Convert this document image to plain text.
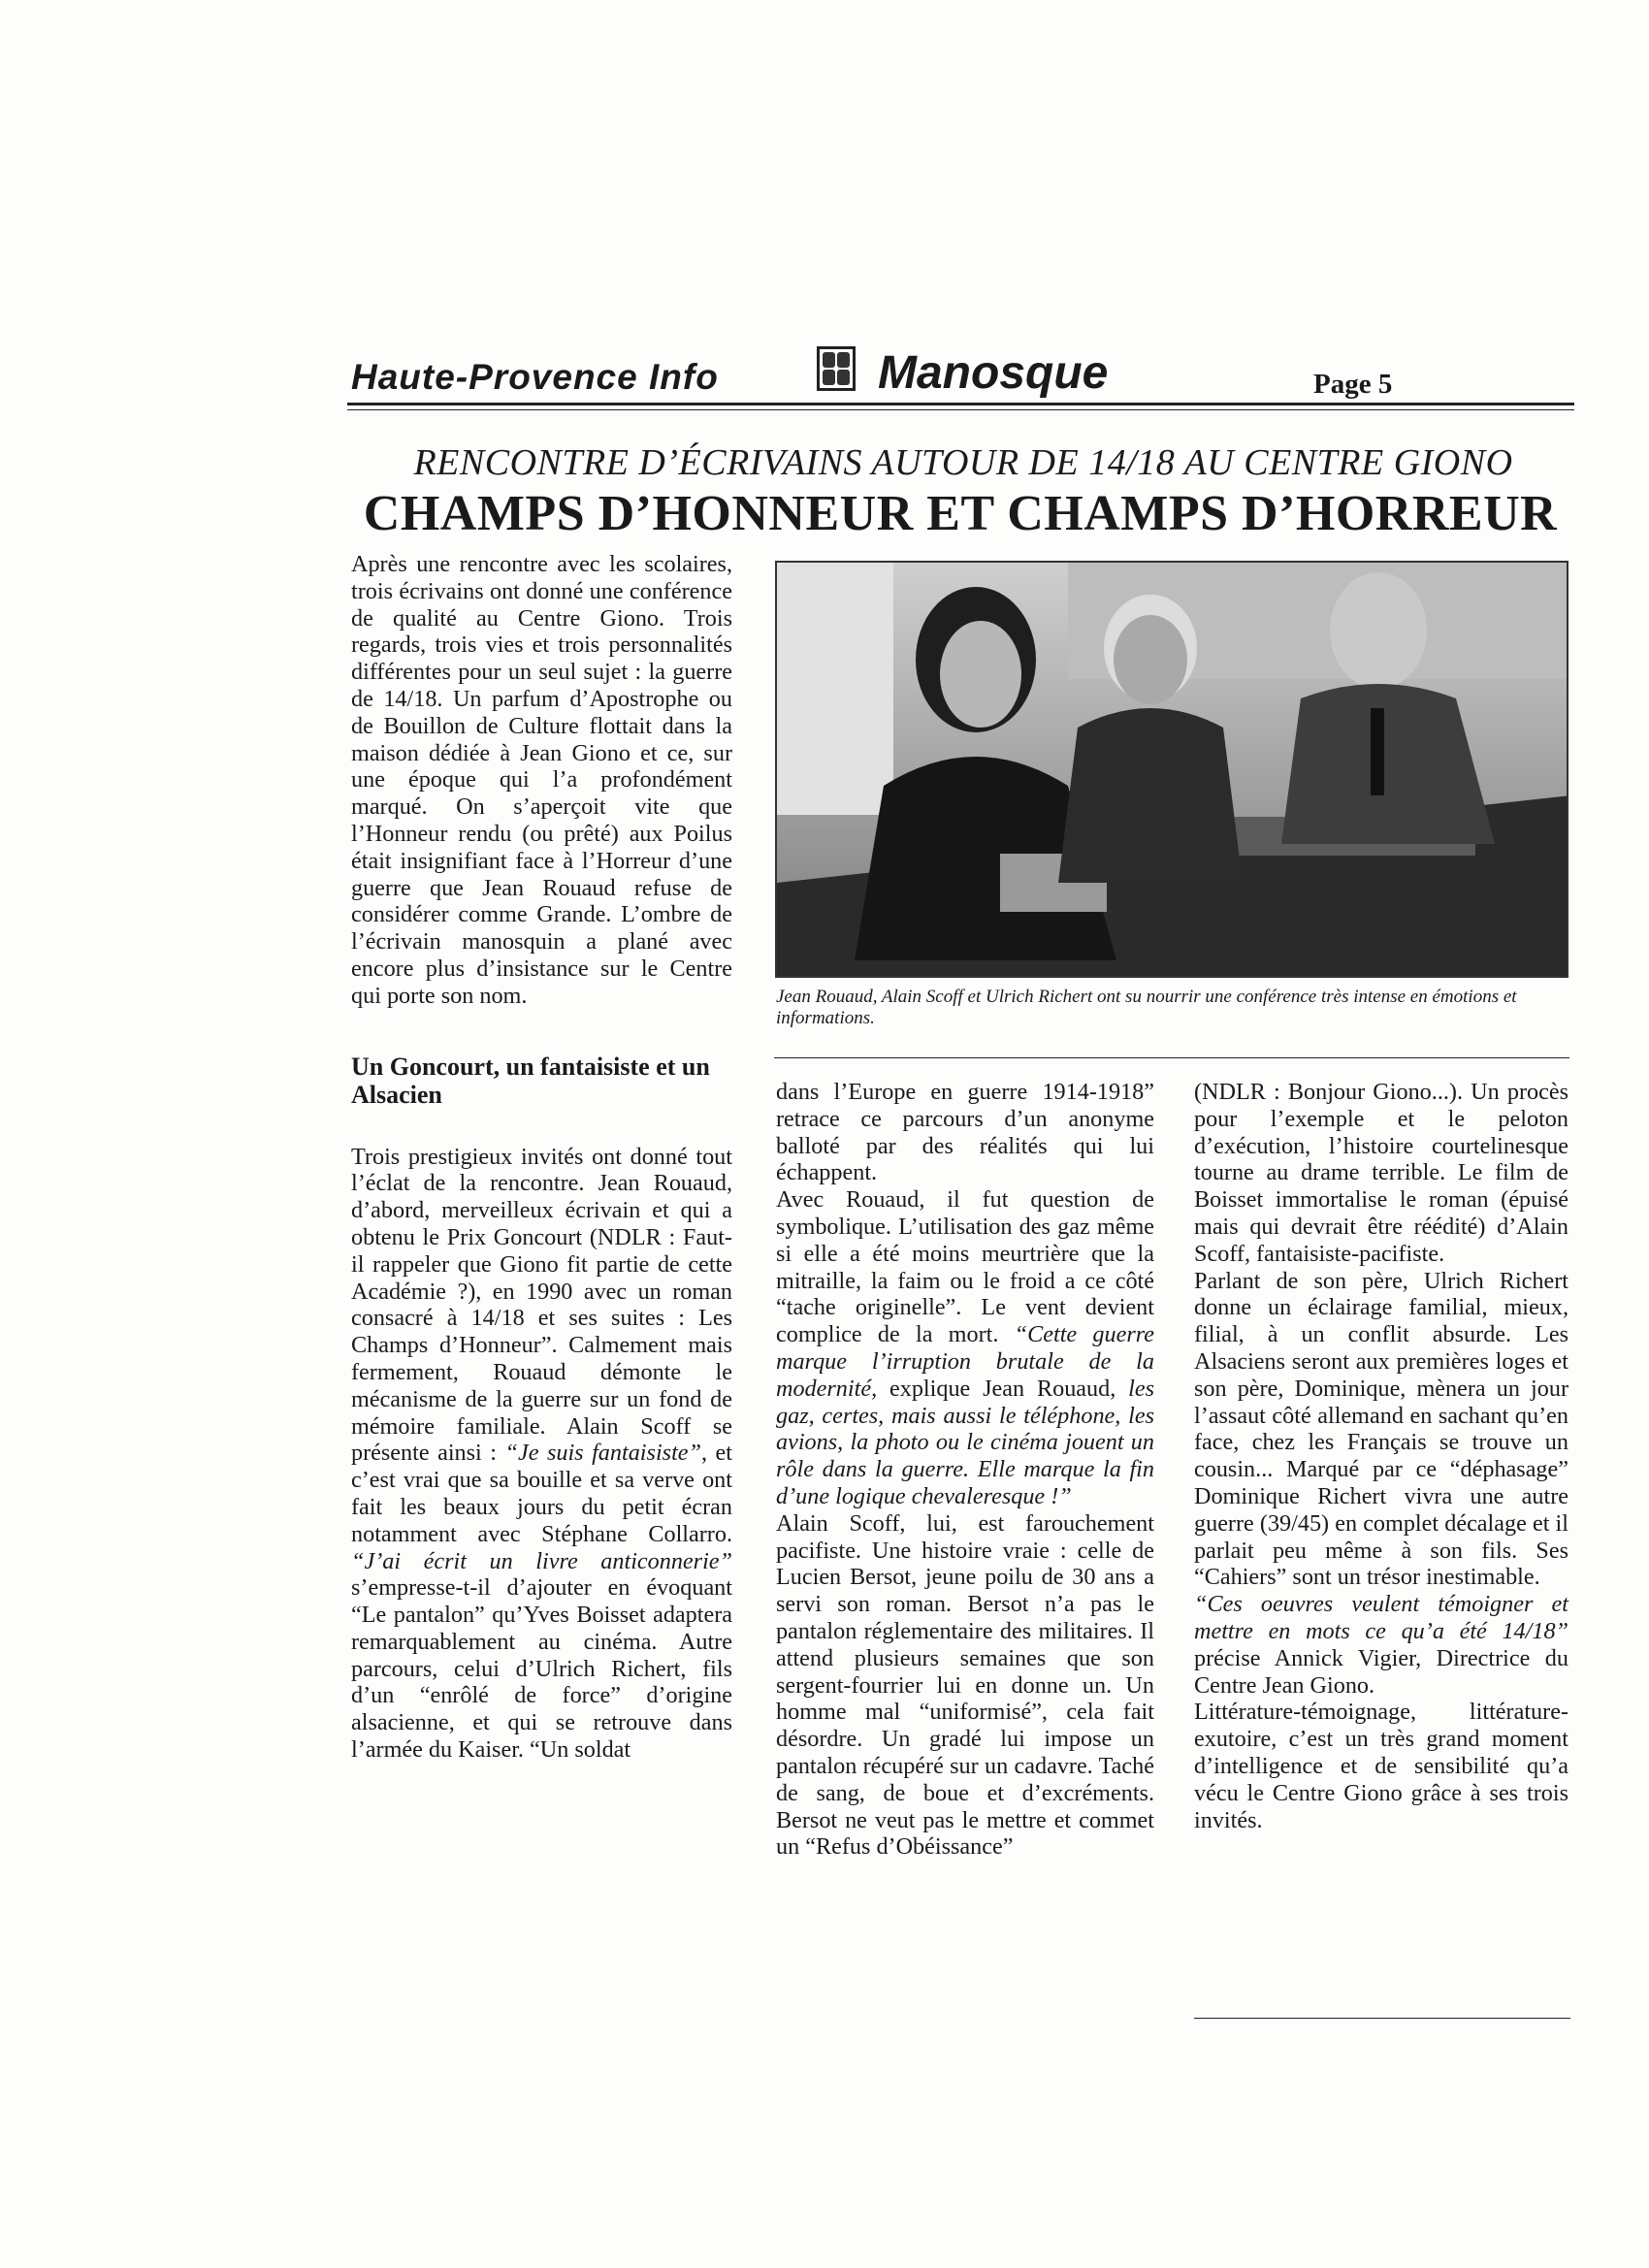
Haute-Provence Info	Manosque	Page 5
RENCONTRE D’ÉCRIVAINS AUTOUR DE 14/18 AU CENTRE GIONO
CHAMPS D’HONNEUR ET CHAMPS D’HORREUR

Après une rencontre avec les scolaires, trois écrivains ont donné une conférence de qualité au Centre Giono. Trois regards, trois vies et trois personnalités différentes pour un seul sujet : la guerre de 14/18. Un parfum d’Apostrophe ou de Bouillon de Culture flottait dans la maison dédiée à Jean Giono et ce, sur une époque qui l’a profondément marqué. On s’aperçoit vite que l’Honneur rendu (ou prêté) aux Poilus était insignifiant face à l’Horreur d’une guerre que Jean Rouaud refuse de considérer comme Grande. L’ombre de l’écrivain manosquin a plané avec encore plus d’insistance sur le Centre qui porte son nom.

Un Goncourt, un fantaisiste et un Alsacien

Trois prestigieux invités ont donné tout l’éclat de la rencontre. Jean Rouaud, d’abord, merveilleux écrivain et qui a obtenu le Prix Goncourt (NDLR : Faut-il rappeler que Giono fit partie de cette Académie ?), en 1990 avec un roman consacré à 14/18 et ses suites : Les Champs d’Honneur”. Calmement mais fermement, Rouaud démonte le mécanisme de la guerre sur un fond de mémoire familiale. Alain Scoff se présente ainsi : “Je suis fantaisiste”, et c’est vrai que sa bouille et sa verve ont fait les beaux jours du petit écran notamment avec Stéphane Collarro. “J’ai écrit un livre anticonnerie” s’empresse-t-il d’ajouter en évoquant “Le pantalon” qu’Yves Boisset adaptera remarquablement au cinéma. Autre parcours, celui d’Ulrich Richert, fils d’un “enrôlé de force” d’origine alsacienne, et qui se retrouve dans l’armée du Kaiser. “Un soldat

Jean Rouaud, Alain Scoff et Ulrich Richert ont su nourrir une conférence très intense en émotions et informations.

dans l’Europe en guerre 1914-1918” retrace ce parcours d’un anonyme balloté par des réalités qui lui échappent.

Avec Rouaud, il fut question de symbolique. L’utilisation des gaz même si elle a été moins meurtrière que la mitraille, la faim ou le froid a ce côté “tache originelle”. Le vent devient complice de la mort. “Cette guerre marque l’irruption brutale de la modernité, explique Jean Rouaud, les gaz, certes, mais aussi le téléphone, les avions, la photo ou le cinéma jouent un rôle dans la guerre. Elle marque la fin d’une logique chevaleresque !”

Alain Scoff, lui, est farouchement pacifiste. Une histoire vraie : celle de Lucien Bersot, jeune poilu de 30 ans a servi son roman. Bersot n’a pas le pantalon réglementaire des militaires. Il attend plusieurs semaines que son sergent-fourrier lui en donne un. Un homme mal “uniformisé”, cela fait désordre. Un gradé lui impose un pantalon récupéré sur un cadavre. Taché de sang, de boue et d’excréments. Bersot ne veut pas le mettre et commet un “Refus d’Obéissance”

(NDLR : Bonjour Giono...). Un procès pour l’exemple et le peloton d’exécution, l’histoire courtelinesque tourne au drame terrible. Le film de Boisset immortalise le roman (épuisé mais qui devrait être réédité) d’Alain Scoff, fantaisiste-pacifiste.

Parlant de son père, Ulrich Richert donne un éclairage familial, mieux, filial, à un conflit absurde. Les Alsaciens seront aux premières loges et son père, Dominique, mènera un jour l’assaut côté allemand en sachant qu’en face, chez les Français se trouve un cousin... Marqué par ce “déphasage” Dominique Richert vivra une autre guerre (39/45) en complet décalage et il parlait peu même à son fils. Ses “Cahiers” sont un trésor inestimable.

“Ces oeuvres veulent témoigner et mettre en mots ce qu’a été 14/18” précise Annick Vigier, Directrice du Centre Jean Giono.

Littérature-témoignage, littérature-exutoire, c’est un très grand moment d’intelligence et de sensibilité qu’a vécu le Centre Giono grâce à ses trois invités.
